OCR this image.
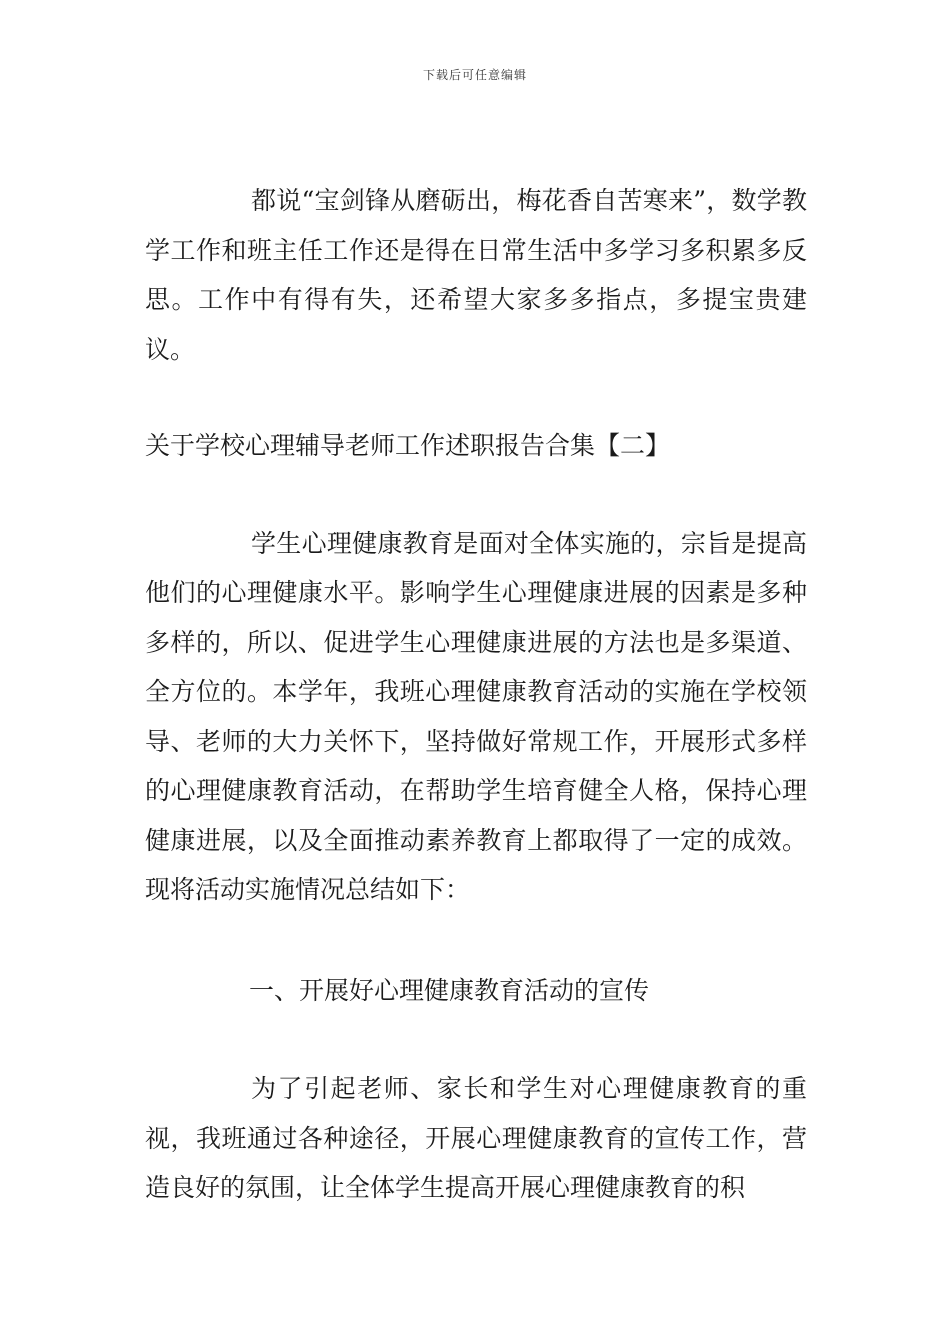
下载后可任意编辑

都说“宝剑锋从磨砺出，梅花香自苦寒来”，数学教学工作和班主任工作还是得在日常生活中多学习多积累多反思。工作中有得有失，还希望大家多多指点，多提宝贵建议。

关于学校心理辅导老师工作述职报告合集【二】

学生心理健康教育是面对全体实施的，宗旨是提高他们的心理健康水平。影响学生心理健康进展的因素是多种多样的，所以、促进学生心理健康进展的方法也是多渠道、全方位的。本学年，我班心理健康教育活动的实施在学校领导、老师的大力关怀下，坚持做好常规工作，开展形式多样的心理健康教育活动，在帮助学生培育健全人格，保持心理健康进展，以及全面推动素养教育上都取得了一定的成效。现将活动实施情况总结如下：

一、开展好心理健康教育活动的宣传

为了引起老师、家长和学生对心理健康教育的重视，我班通过各种途径，开展心理健康教育的宣传工作，营造良好的氛围，让全体学生提高开展心理健康教育的积
